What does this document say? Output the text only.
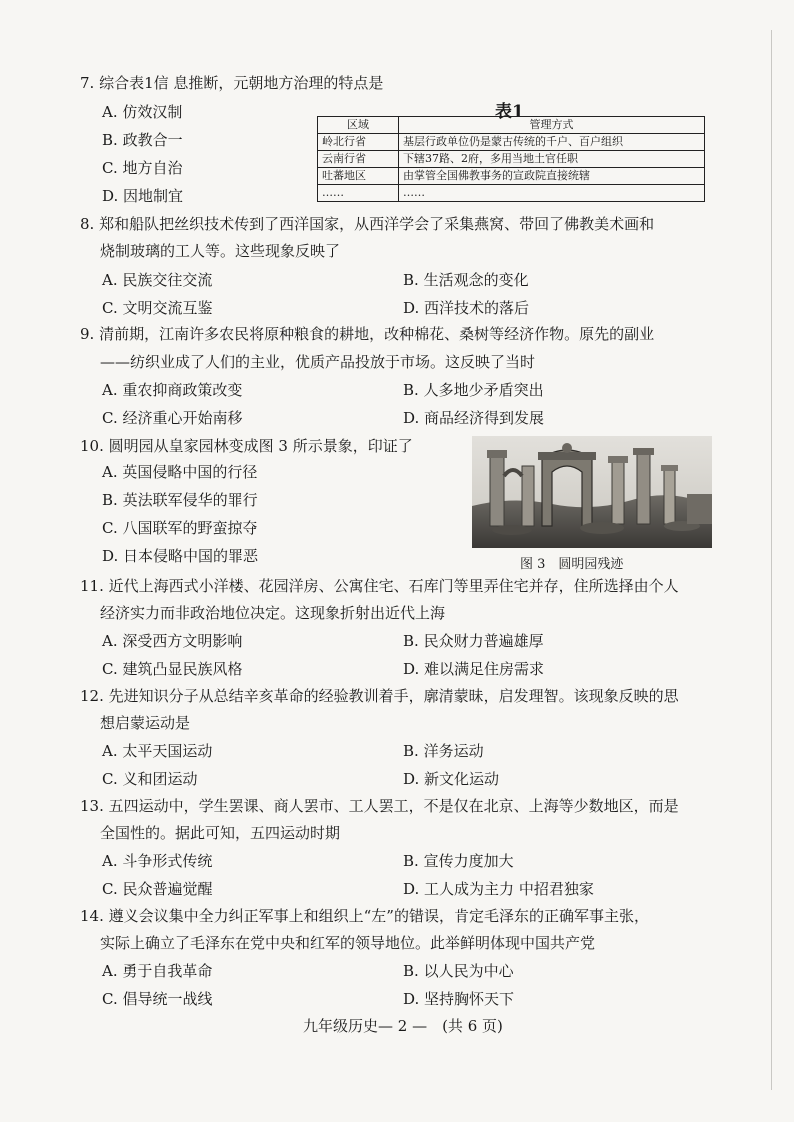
7. 综合表1信 息推断，元朝地方治理的特点是
A. 仿效汉制
B. 政教合一
C. 地方自治
D. 因地制宜
表1
区域	管理方式
岭北行省	基层行政单位仍是蒙古传统的千户、百户组织
云南行省	下辖37路、2府，多用当地土官任职
吐蕃地区	由掌管全国佛教事务的宣政院直接统辖
……	……
8. 郑和船队把丝织技术传到了西洋国家，从西洋学会了采集燕窝、带回了佛教美术画和
烧制玻璃的工人等。这些现象反映了
A. 民族交往交流	B. 生活观念的变化
C. 文明交流互鉴	D. 西洋技术的落后
9. 清前期，江南许多农民将原种粮食的耕地，改种棉花、桑树等经济作物。原先的副业
——纺织业成了人们的主业，优质产品投放于市场。这反映了当时
A. 重农抑商政策改变	B. 人多地少矛盾突出
C. 经济重心开始南移	D. 商品经济得到发展
10. 圆明园从皇家园林变成图 3 所示景象，印证了
A. 英国侵略中国的行径
B. 英法联军侵华的罪行
C. 八国联军的野蛮掠夺
D. 日本侵略中国的罪恶	图 3　圆明园残迹
11. 近代上海西式小洋楼、花园洋房、公寓住宅、石库门等里弄住宅并存，住所选择由个人
经济实力而非政治地位决定。这现象折射出近代上海
A. 深受西方文明影响	B. 民众财力普遍雄厚
C. 建筑凸显民族风格	D. 难以满足住房需求
12. 先进知识分子从总结辛亥革命的经验教训着手，廓清蒙昧，启发理智。该现象反映的思
想启蒙运动是
A. 太平天国运动	B. 洋务运动
C. 义和团运动	D. 新文化运动
13. 五四运动中，学生罢课、商人罢市、工人罢工，不是仅在北京、上海等少数地区，而是
全国性的。据此可知，五四运动时期
A. 斗争形式传统	B. 宣传力度加大
C. 民众普遍觉醒	D. 工人成为主力 中招君独家
14. 遵义会议集中全力纠正军事上和组织上“左”的错误，肯定毛泽东的正确军事主张，
实际上确立了毛泽东在党中央和红军的领导地位。此举鲜明体现中国共产党
A. 勇于自我革命	B. 以人民为中心
C. 倡导统一战线	D. 坚持胸怀天下
九年级历史— 2 —　(共 6 页)
